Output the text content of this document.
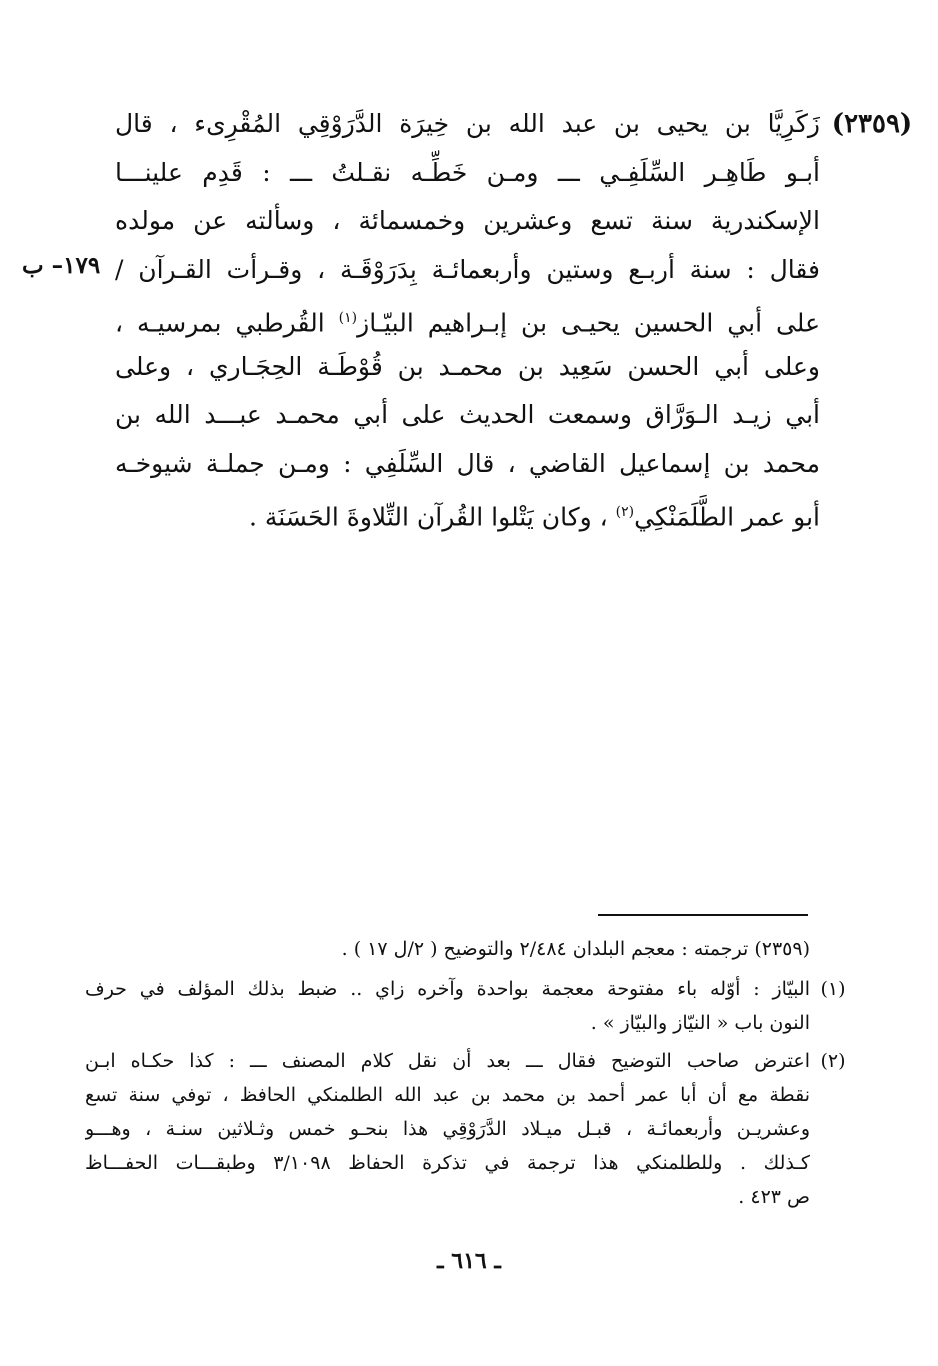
(٢٣٥٩)
زَكَرِيَّا بن يحيى بن عبد الله بن خِيرَة الدَّرَوْقِي المُقْرِىء ، قال
أبـو طَاهِـر السِّلَفِـي ـــ ومـن خَطِّـه نقـلتُ ـــ : قَدِم علينـــا
الإسكندرية سنة تسع وعشرين وخمسمائة ، وسألته عن مولده
فقال : سنة أربـع وستين وأربعمائـة بِدَرَوْقَـة ، وقـرأت القـرآن /
على أبي الحسين يحيـى بن إبـراهيم البيّـاز$^{(١)}$ القُرطبي بمرسيـه ،
وعلى أبي الحسن سَعِيد بن محمـد بن قُوْطَـة الحِجَـاري ، وعلى
أبي زيـد الـوَرَّاق وسمعت الحديث على أبي محمـد عبـــد الله بن
محمد بن إسماعيل القاضي ، قال السِّلَفِي : ومـن جملـة شيوخـه
أبو عمر الطَّلَمَنْكِي$^{(٢)}$ ، وكان يَتْلوا القُرآن التِّلاوةَ الحَسَنَة .
١٧٩– ب
(٢٣٥٩) ترجمته : معجم البلدان ٢/٤٨٤ والتوضيح ( ٢/ل ١٧ ) .
(١)
البيّاز : أوّله باء مفتوحة معجمة بواحدة وآخره زاي .. ضبط بذلك المؤلف في حرف
النون باب « النيّاز والبيّاز » .
(٢)
اعترض صاحب التوضيح فقال ـــ بعد أن نقل كلام المصنف ـــ : كذا حكـاه ابـن
نقطة مع أن أبا عمر أحمد بن محمد بن عبد الله الطلمنكي الحافظ ، توفي سنة تسع
وعشريـن وأربعمائـة ، قبـل ميـلاد الدَّرَوْقِي هذا بنحـو خمس وثـلاثين سنـة ، وهـــو
كـذلك . وللطلمنكي هذا ترجمة في تذكرة الحفاظ ٣/١٠٩٨ وطبقـــات الحفـــاظ
ص ٤٢٣ .
ـ ٦١٦ ـ
